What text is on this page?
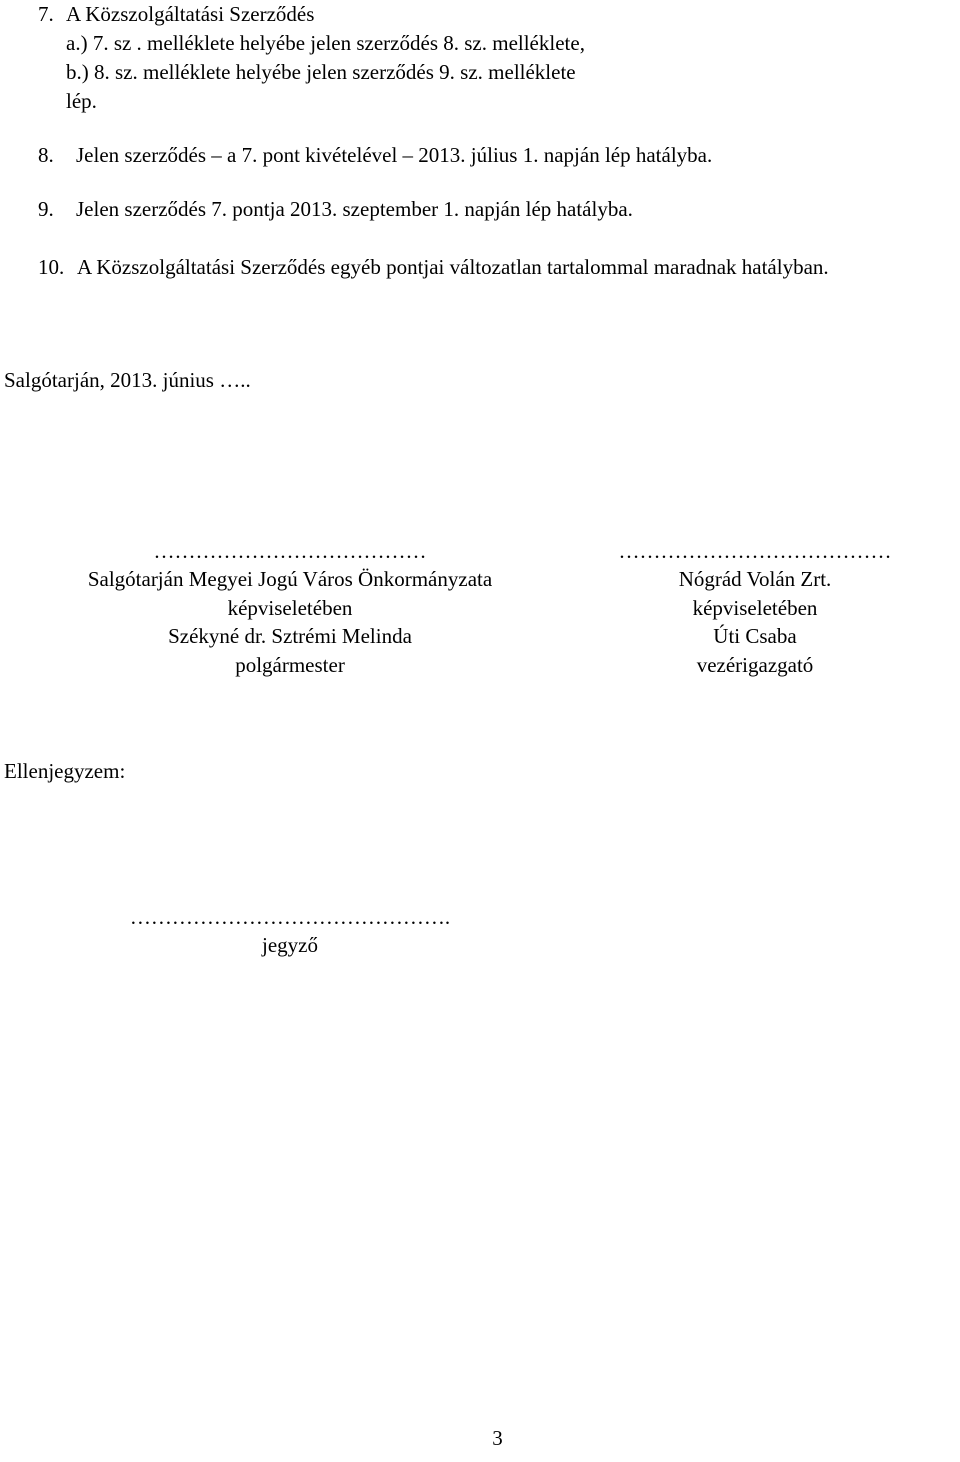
7. A Közszolgáltatási Szerződés
a.) 7. sz . melléklete helyébe jelen szerződés 8. sz. melléklete,
b.) 8. sz. melléklete helyébe jelen szerződés 9. sz. melléklete
lép.
8. Jelen szerződés – a 7. pont kivételével – 2013. július 1. napján lép hatályba.
9. Jelen szerződés 7. pontja 2013. szeptember 1. napján lép hatályba.
10. A Közszolgáltatási Szerződés egyéb pontjai változatlan tartalommal maradnak hatályban.
Salgótarján, 2013. június …..
…………………………………
Salgótarján Megyei Jogú Város Önkormányzata
képviseletében
Székyné dr. Sztrémi Melinda
polgármester
…………………………………
Nógrád Volán Zrt.
képviseletében
Úti Csaba
vezérigazgató
Ellenjegyzem:
……………………………………….
jegyző
3
